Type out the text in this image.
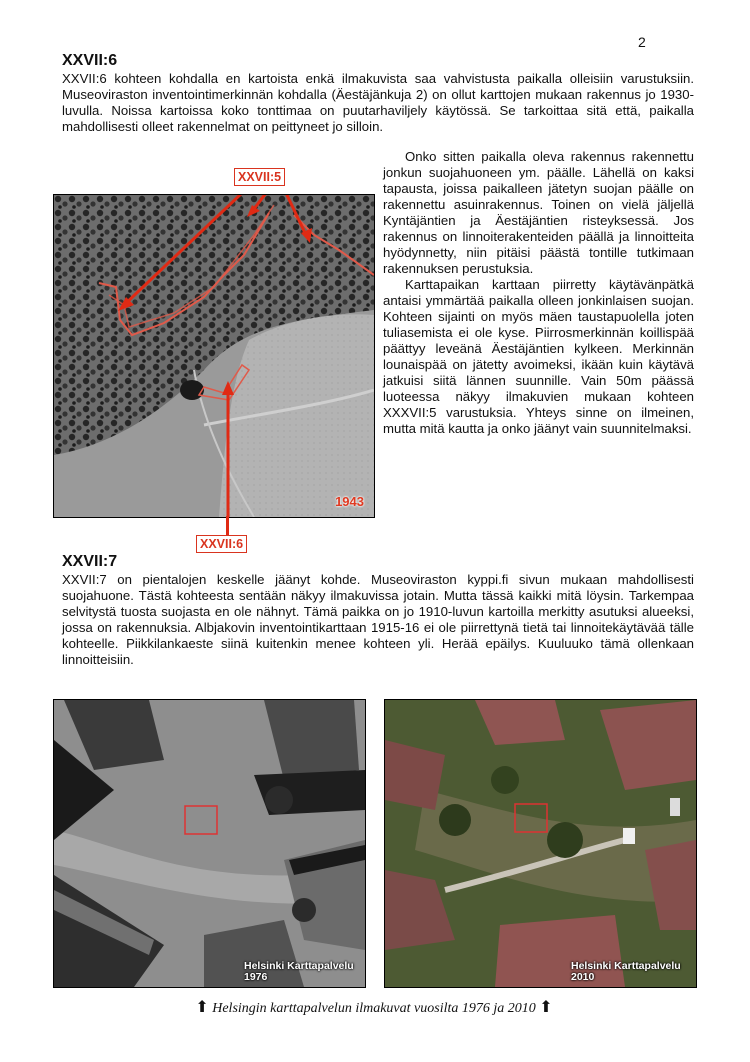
2
XXVII:6

XXVII:6 kohteen kohdalla en kartoista enkä ilmakuvista saa vahvistusta paikalla olleisiin varustuksiin. Museoviraston inventointimerkinnän kohdalla (Äestäjänkuja 2) on ollut karttojen mukaan rakennus jo 1930-luvulla. Noissa kartoissa koko tonttimaa on puutarhaviljely käytössä. Se tarkoittaa sitä että, paikalla mahdollisesti olleet rakennelmat on peittyneet jo silloin.

1943
XXVII:5
XXVII:6

Onko sitten paikalla oleva rakennus rakennettu jonkun suojahuoneen ym. päälle. Lähellä on kaksi tapausta, joissa paikalleen jätetyn suojan päälle on rakennettu asuinrakennus. Toinen on vielä jäljellä Kyntäjäntien ja Äestäjäntien risteyksessä. Jos rakennus on linnoiterakenteiden päällä ja linnoitteita hyödynnetty, niin pitäisi päästä tontille tutkimaan rakennuksen perustuksia.

Karttapaikan karttaan piirretty käytävänpätkä antaisi ymmärtää paikalla olleen jonkinlaisen suojan. Kohteen sijainti on myös mäen taustapuolella joten tuliasemista ei ole kyse. Piirrosmerkinnän koillispää päättyy leveänä Äestäjäntien kylkeen. Merkinnän lounaispää on jätetty avoimeksi, ikään kuin käytävä jatkuisi siitä lännen suunnille. Vain 50m päässä luoteessa näkyy ilmakuvien mukaan kohteen XXXVII:5 varustuksia. Yhteys sinne on ilmeinen, mutta mitä kautta ja onko jäänyt vain suunnitelmaksi.

XXVII:7

XXVII:7 on pientalojen keskelle jäänyt kohde. Museoviraston kyppi.fi sivun mukaan mahdollisesti suojahuone. Tästä kohteesta sentään näkyy ilmakuvissa jotain. Mutta tässä kaikki mitä löysin. Tarkempaa selvitystä tuosta suojasta en ole nähnyt. Tämä paikka on jo 1910-luvun kartoilla merkitty asutuksi alueeksi, jossa on rakennuksia. Albjakovin inventointikarttaan 1915-16 ei ole piirrettynä tietä tai linnoitekäytävää tälle kohteelle. Piikkilankaeste siinä kuitenkin menee kohteen yli. Herää epäilys. Kuuluuko tämä ollenkaan linnoitteisiin.

Helsinki Karttapalvelu
1976
Helsinki Karttapalvelu
2010
⬆ Helsingin karttapalvelun ilmakuvat vuosilta 1976 ja 2010 ⬆
